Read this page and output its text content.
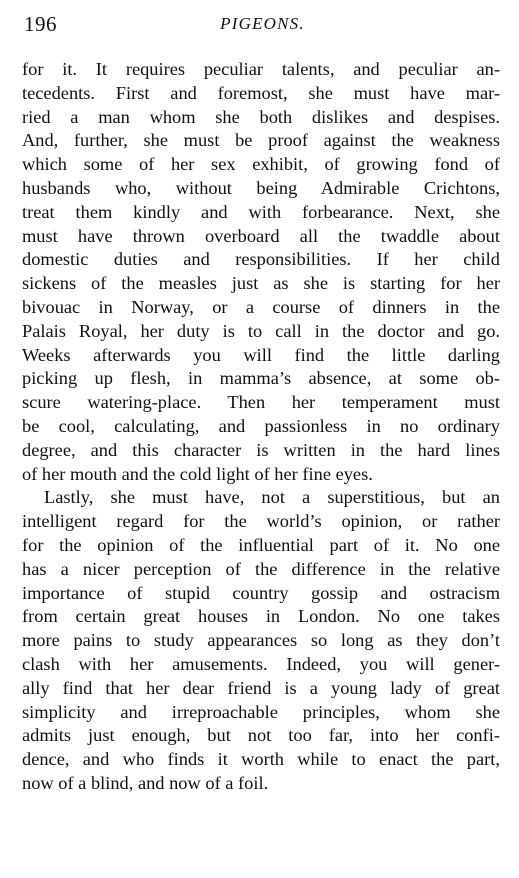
196	PIGEONS.

for it. It requires peculiar talents, and peculiar an-
tecedents. First and foremost, she must have mar-
ried a man whom she both dislikes and despises.
And, further, she must be proof against the weakness
which some of her sex exhibit, of growing fond of
husbands who, without being Admirable Crichtons,
treat them kindly and with forbearance. Next, she
must have thrown overboard all the twaddle about
domestic duties and responsibilities. If her child
sickens of the measles just as she is starting for her
bivouac in Norway, or a course of dinners in the
Palais Royal, her duty is to call in the doctor and go.
Weeks afterwards you will find the little darling
picking up flesh, in mamma’s absence, at some ob-
scure watering-place. Then her temperament must
be cool, calculating, and passionless in no ordinary
degree, and this character is written in the hard lines
of her mouth and the cold light of her fine eyes.

Lastly, she must have, not a superstitious, but an
intelligent regard for the world’s opinion, or rather
for the opinion of the influential part of it. No one
has a nicer perception of the difference in the relative
importance of stupid country gossip and ostracism
from certain great houses in London. No one takes
more pains to study appearances so long as they don’t
clash with her amusements. Indeed, you will gener-
ally find that her dear friend is a young lady of great
simplicity and irreproachable principles, whom she
admits just enough, but not too far, into her confi-
dence, and who finds it worth while to enact the part,
now of a blind, and now of a foil.
